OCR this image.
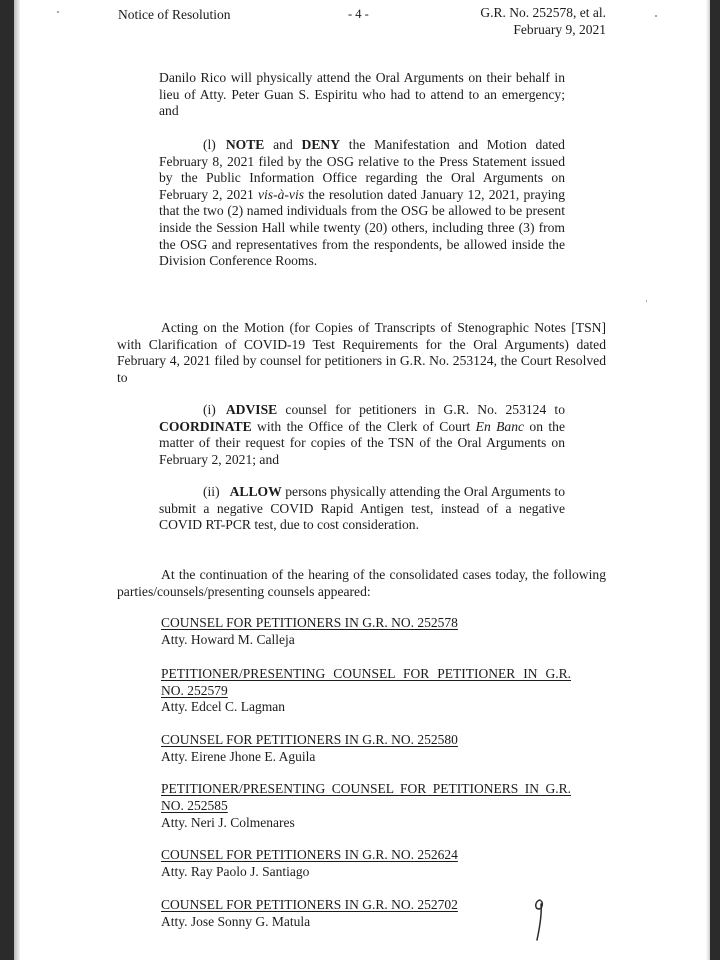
Notice of Resolution	- 4 -	G.R. No. 252578, et al.
February 9, 2021
Danilo Rico will physically attend the Oral Arguments on their behalf in lieu of Atty. Peter Guan S. Espiritu who had to attend to an emergency; and
(l) NOTE and DENY the Manifestation and Motion dated February 8, 2021 filed by the OSG relative to the Press Statement issued by the Public Information Office regarding the Oral Arguments on February 2, 2021 vis-à-vis the resolution dated January 12, 2021, praying that the two (2) named individuals from the OSG be allowed to be present inside the Session Hall while twenty (20) others, including three (3) from the OSG and representatives from the respondents, be allowed inside the Division Conference Rooms.
Acting on the Motion (for Copies of Transcripts of Stenographic Notes [TSN] with Clarification of COVID-19 Test Requirements for the Oral Arguments) dated February 4, 2021 filed by counsel for petitioners in G.R. No. 253124, the Court Resolved to
(i) ADVISE counsel for petitioners in G.R. No. 253124 to COORDINATE with the Office of the Clerk of Court En Banc on the matter of their request for copies of the TSN of the Oral Arguments on February 2, 2021; and
(ii) ALLOW persons physically attending the Oral Arguments to submit a negative COVID Rapid Antigen test, instead of a negative COVID RT-PCR test, due to cost consideration.
At the continuation of the hearing of the consolidated cases today, the following parties/counsels/presenting counsels appeared:
COUNSEL FOR PETITIONERS IN G.R. NO. 252578
Atty. Howard M. Calleja
PETITIONER/PRESENTING COUNSEL FOR PETITIONER IN G.R. NO. 252579
Atty. Edcel C. Lagman
COUNSEL FOR PETITIONERS IN G.R. NO. 252580
Atty. Eirene Jhone E. Aguila
PETITIONER/PRESENTING COUNSEL FOR PETITIONERS IN G.R. NO. 252585
Atty. Neri J. Colmenares
COUNSEL FOR PETITIONERS IN G.R. NO. 252624
Atty. Ray Paolo J. Santiago
COUNSEL FOR PETITIONERS IN G.R. NO. 252702
Atty. Jose Sonny G. Matula
